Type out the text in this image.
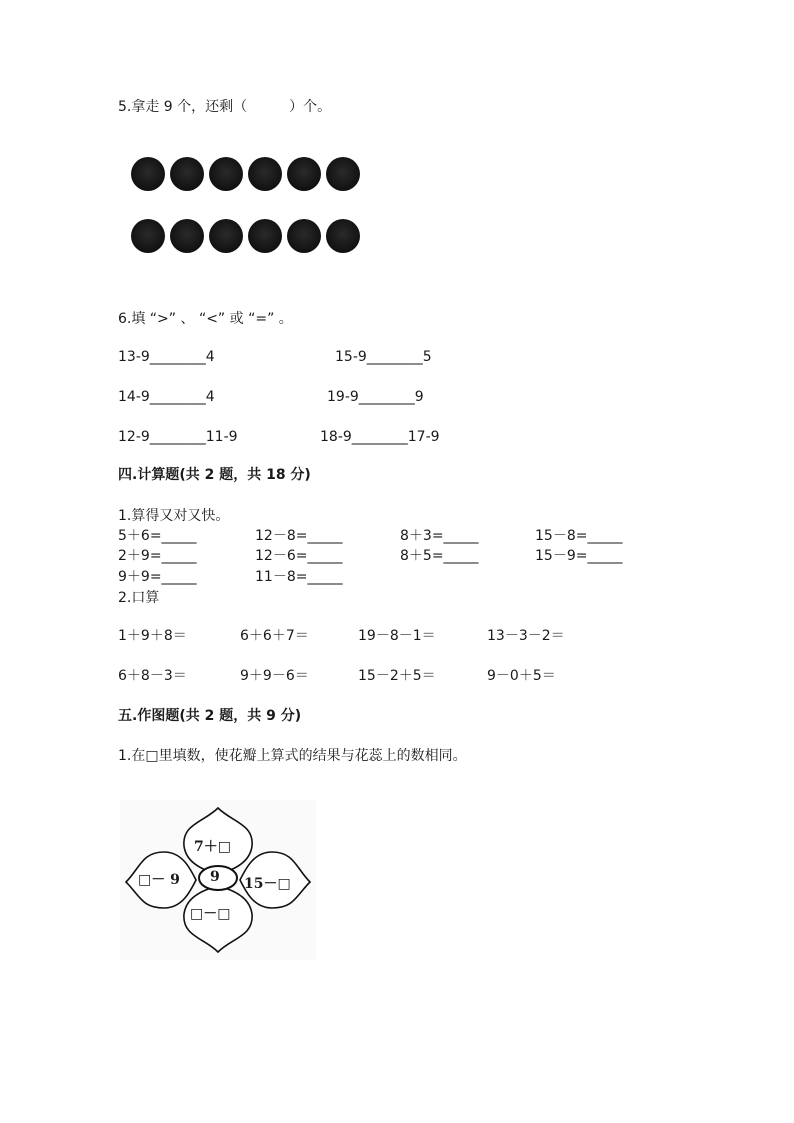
5.拿走 9 个，还剩（　　　）个。
6.填 “>” 、 “<” 或 “=” 。
13-9________4	15-9________5
14-9________4	19-9________9
12-9________11-9	18-9________17-9
四.计算题(共 2 题，共 18 分)
1.算得又对又快。
5＋6=_____	12－8=_____	8＋3=_____	15－8=_____
2＋9=_____	12－6=_____	8＋5=_____	15－9=_____
9＋9=_____	11－8=_____
2.口算
1＋9＋8＝	6＋6＋7＝	19－8－1＝	13－3－2＝
6＋8－3＝	9＋9－6＝	15－2＋5＝	9－0＋5＝
五.作图题(共 2 题，共 9 分)
1.在□里填数，使花瓣上算式的结果与花蕊上的数相同。
9
7＋□
□－ 9	15－□
□－□
